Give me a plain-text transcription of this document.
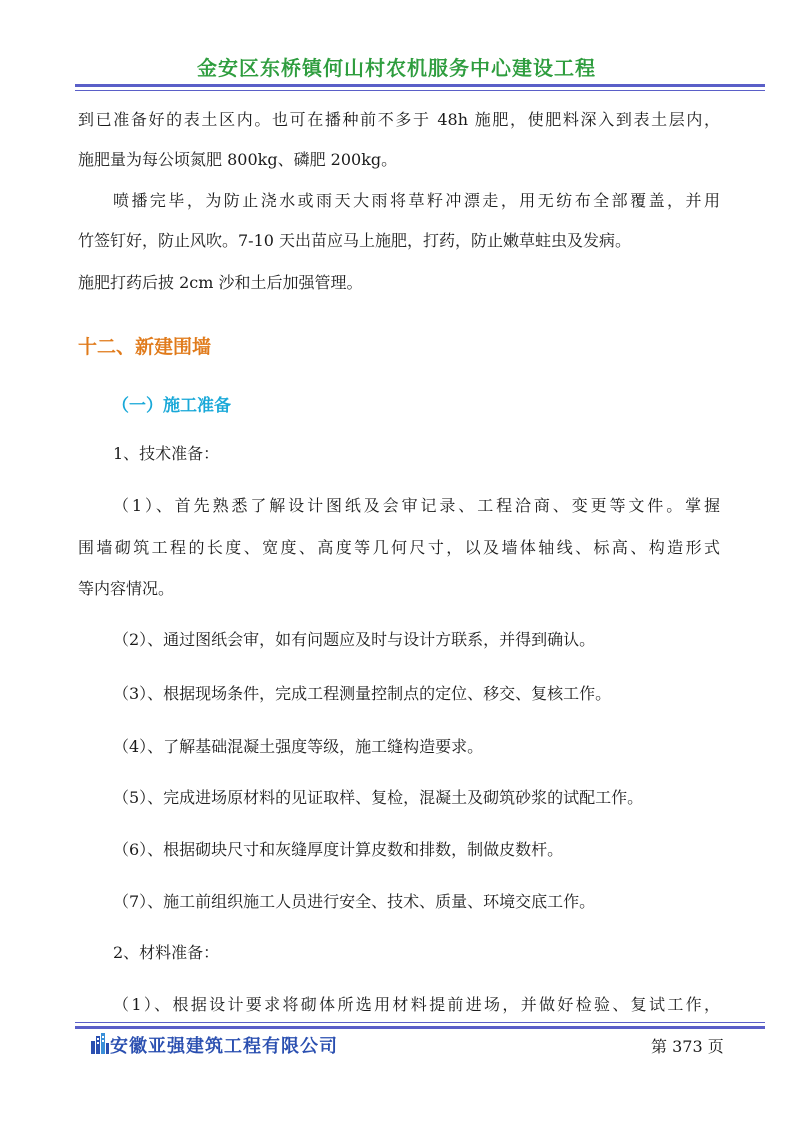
金安区东桥镇何山村农机服务中心建设工程
到已准备好的表土区内。也可在播种前不多于 48h 施肥，使肥料深入到表土层内，
施肥量为每公顷氮肥 800kg、磷肥 200kg。
喷播完毕，为防止浇水或雨天大雨将草籽冲漂走，用无纺布全部覆盖，并用
竹签钉好，防止风吹。7-10 天出苗应马上施肥，打药，防止嫩草蛀虫及发病。
施肥打药后披 2cm 沙和土后加强管理。
十二、新建围墙
（一）施工准备
1、技术准备：
（1）、首先熟悉了解设计图纸及会审记录、工程洽商、变更等文件。掌握
围墙砌筑工程的长度、宽度、高度等几何尺寸，以及墙体轴线、标高、构造形式
等内容情况。
（2）、通过图纸会审，如有问题应及时与设计方联系，并得到确认。
（3）、根据现场条件，完成工程测量控制点的定位、移交、复核工作。
（4）、了解基础混凝土强度等级，施工缝构造要求。
（5）、完成进场原材料的见证取样、复检，混凝土及砌筑砂浆的试配工作。
（6）、根据砌块尺寸和灰缝厚度计算皮数和排数，制做皮数杆。
（7）、施工前组织施工人员进行安全、技术、质量、环境交底工作。
2、材料准备：
（1）、根据设计要求将砌体所选用材料提前进场，并做好检验、复试工作，
安徽亚强建筑工程有限公司	第 373 页
